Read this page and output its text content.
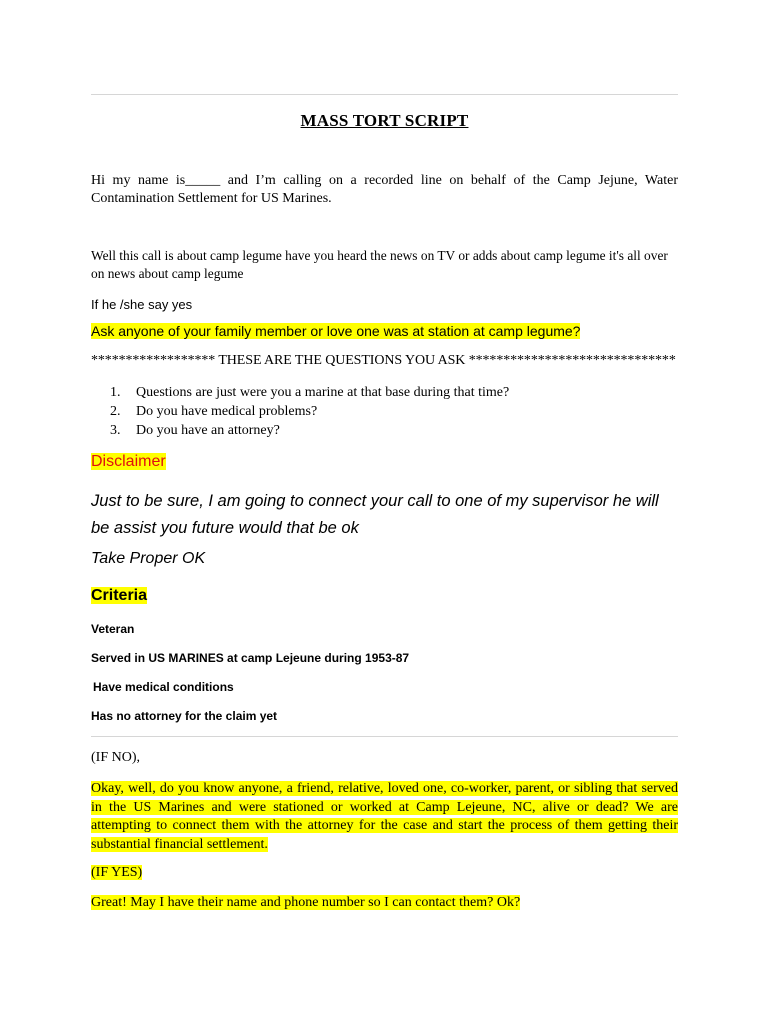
MASS TORT SCRIPT
Hi my name is_____ and I’m calling on a recorded line on behalf of the Camp Jejune, Water Contamination Settlement for US Marines.
Well this call is about camp legume have you heard the news on TV or adds about camp legume it's all over on news about camp legume
If he /she say yes
Ask anyone of your family member or love one was at station at camp legume?
****************** THESE ARE THE QUESTIONS YOU ASK ******************************
1. Questions are just were you a marine at that base during that time?
2. Do you have medical problems?
3. Do you have an attorney?
Disclaimer
Just to be sure, I am going to connect your call to one of my supervisor he will be assist you future would that be ok
Take Proper OK
Criteria
Veteran
Served in US MARINES at camp Lejeune during 1953-87
Have medical conditions
Has no attorney for the claim yet
(IF NO),
Okay, well, do you know anyone, a friend, relative, loved one, co-worker, parent, or sibling that served in the US Marines and were stationed or worked at Camp Lejeune, NC, alive or dead? We are attempting to connect them with the attorney for the case and start the process of them getting their substantial financial settlement.
(IF YES)
Great! May I have their name and phone number so I can contact them? Ok?
